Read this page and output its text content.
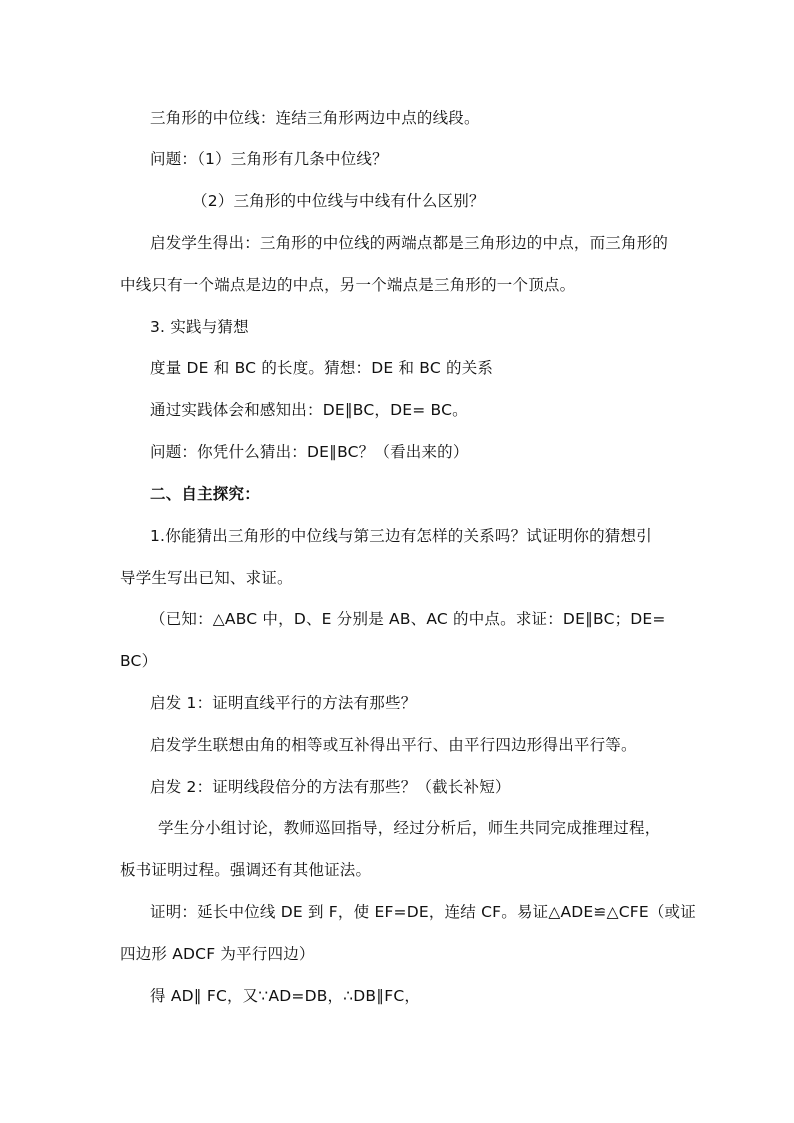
三角形的中位线：连结三角形两边中点的线段。
问题：（1）三角形有几条中位线？
（2）三角形的中位线与中线有什么区别？
启发学生得出：三角形的中位线的两端点都是三角形边的中点，而三角形的
中线只有一个端点是边的中点，另一个端点是三角形的一个顶点。
3. 实践与猜想
度量 DE 和 BC 的长度。猜想：DE 和 BC 的关系
通过实践体会和感知出：DE∥BC，DE= BC。
问题：你凭什么猜出：DE∥BC？（看出来的）
二、自主探究：
1.你能猜出三角形的中位线与第三边有怎样的关系吗？试证明你的猜想引
导学生写出已知、求证。
（已知：△ABC 中，D、E 分别是 AB、AC 的中点。求证：DE∥BC；DE=
BC）
启发 1：证明直线平行的方法有那些？
启发学生联想由角的相等或互补得出平行、由平行四边形得出平行等。
启发 2：证明线段倍分的方法有那些？（截长补短）
学生分小组讨论，教师巡回指导，经过分析后，师生共同完成推理过程，
板书证明过程。强调还有其他证法。
证明：延长中位线 DE 到 F，使 EF=DE，连结 CF。易证△ADE≌△CFE（或证
四边形 ADCF 为平行四边）
得 AD∥ FC，又∵AD=DB，∴DB∥FC，
